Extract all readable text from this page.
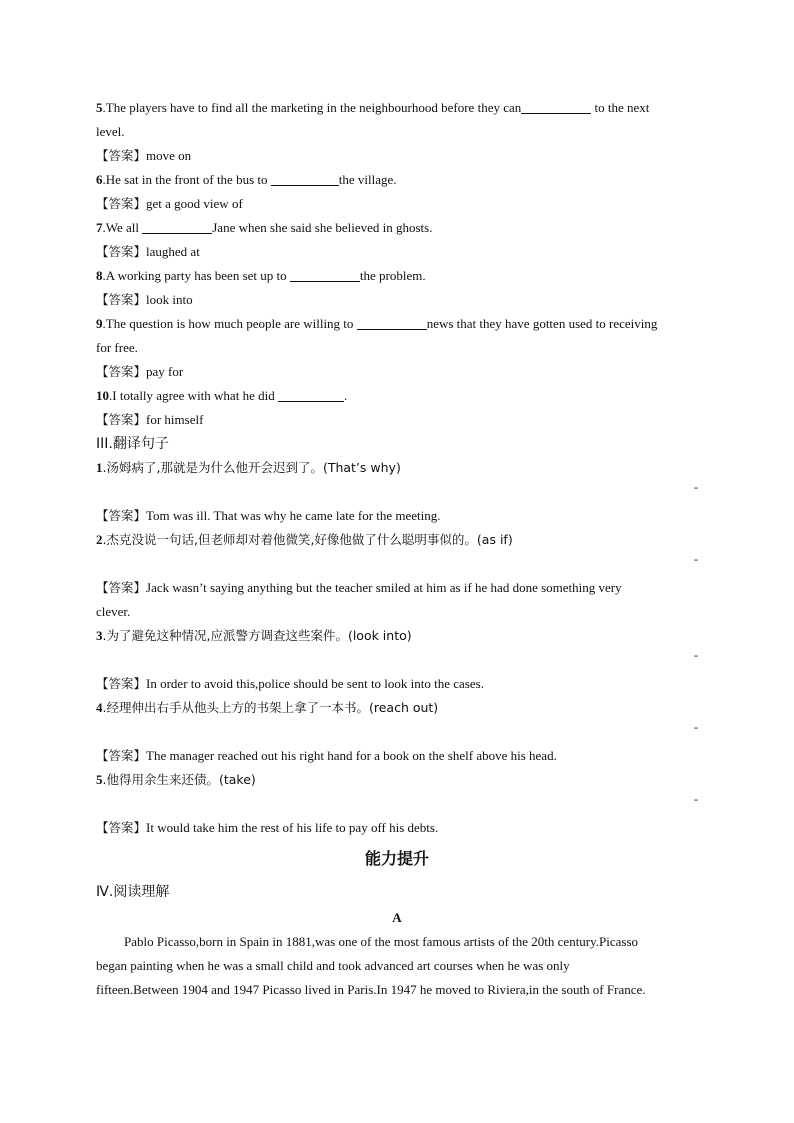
5.The players have to find all the marketing in the neighbourhood before they can	to the next
level.
【答案】move on
6.He sat in the front of the bus to	the village.
【答案】get a good view of
7.We all	Jane when she said she believed in ghosts.
【答案】laughed at
8.A working party has been set up to	the problem.
【答案】look into
9.The question is how much people are willing to	news that they have gotten used to receiving
for free.
【答案】pay for
10.I totally agree with what he did	.
【答案】for himself
III.翻译句子
1.汤姆病了,那就是为什么他开会迟到了。(That’s why)
-
【答案】Tom was ill. That was why he came late for the meeting.
2.杰克没说一句话,但老师却对着他微笑,好像他做了什么聪明事似的。(as if)
-
【答案】Jack wasn’t saying anything but the teacher smiled at him as if he had done something very
clever.
3.为了避免这种情况,应派警方调查这些案件。(look into)
-
【答案】In order to avoid this,police should be sent to look into the cases.
4.经理伸出右手从他头上方的书架上拿了一本书。(reach out)
-
【答案】The manager reached out his right hand for a book on the shelf above his head.
5.他得用余生来还债。(take)
-
【答案】It would take him the rest of his life to pay off his debts.
能力提升
Ⅳ.阅读理解
A
Pablo Picasso,born in Spain in 1881,was one of the most famous artists of the 20th century.Picasso
began painting when he was a small child and took advanced art courses when he was only
fifteen.Between 1904 and 1947 Picasso lived in Paris.In 1947 he moved to Riviera,in the south of France.
